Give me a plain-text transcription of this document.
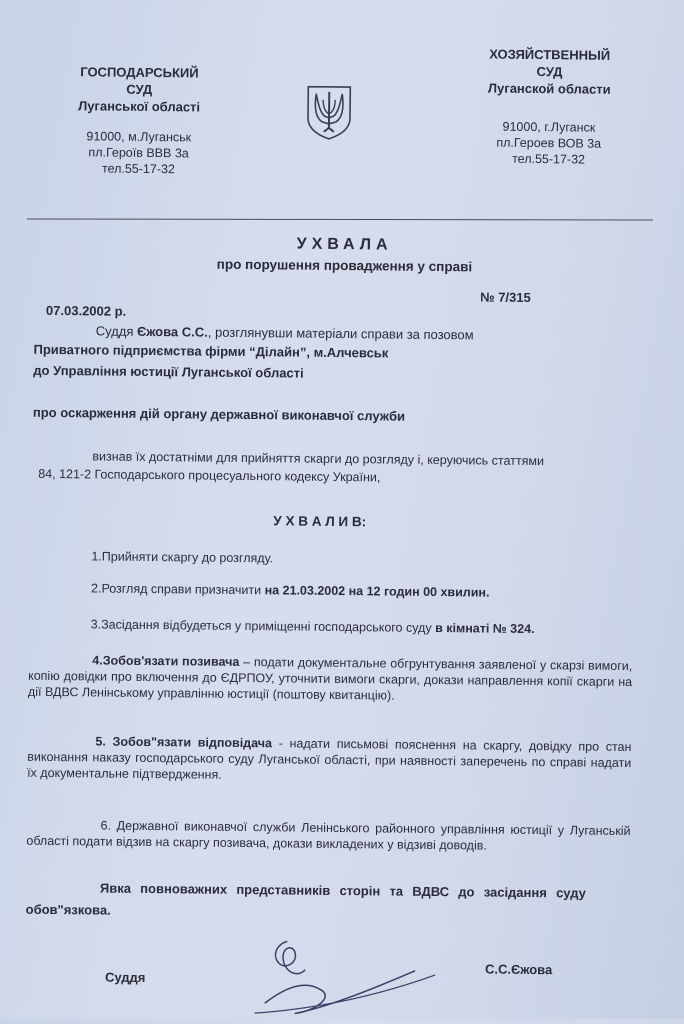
ГОСПОДАРСЬКИЙ
СУД
Луганської області
91000, м.Луганськ
пл.Героїв ВВВ 3а
тел.55-17-32
ХОЗЯЙСТВЕННЫЙ
СУД
Луганской области
91000, г.Луганск
пл.Героев ВОВ 3а
тел.55-17-32
УХВАЛА
про порушення провадження у справі
07.03.2002 р.
№ 7/315
Суддя Єжова С.С., розглянувши матеріали справи за позовом
Приватного підприємства фірми “Ділайн”, м.Алчевськ
до Управління юстиції Луганської області
про оскарження дій органу державної виконавчої служби
визнав їх достатніми для прийняття скарги до розгляду і, керуючись статтями
84, 121-2 Господарського процесуального кодексу України,
У Х В А Л И В:
1.Прийняти скаргу до розгляду.
2.Розгляд справи призначити на 21.03.2002 на 12 годин 00 хвилин.
3.Засідання відбудеться у приміщенні господарського суду в кімнаті № 324.
4.Зобов'язати позивача – подати документальне обгрунтування заявленої у скарзі вимоги, копію довідки про включення до ЄДРПОУ, уточнити вимоги скарги, докази направлення копії скарги на дії ВДВС Ленінському управлінню юстиції (поштову квитанцію).
5. Зобов"язати відповідача - надати письмові пояснення на скаргу, довідку про стан виконання наказу господарського суду Луганської області, при наявності заперечень по справі надати їх документальне підтвердження.
6. Державної виконавчої служби Ленінського районного управління юстиції у Луганській області подати відзив на скаргу позивача, докази викладених у відзиві доводів.
Явка повноважних представників сторін та ВДВС до засідання суду обов"язкова.
Суддя
С.С.Єжова
